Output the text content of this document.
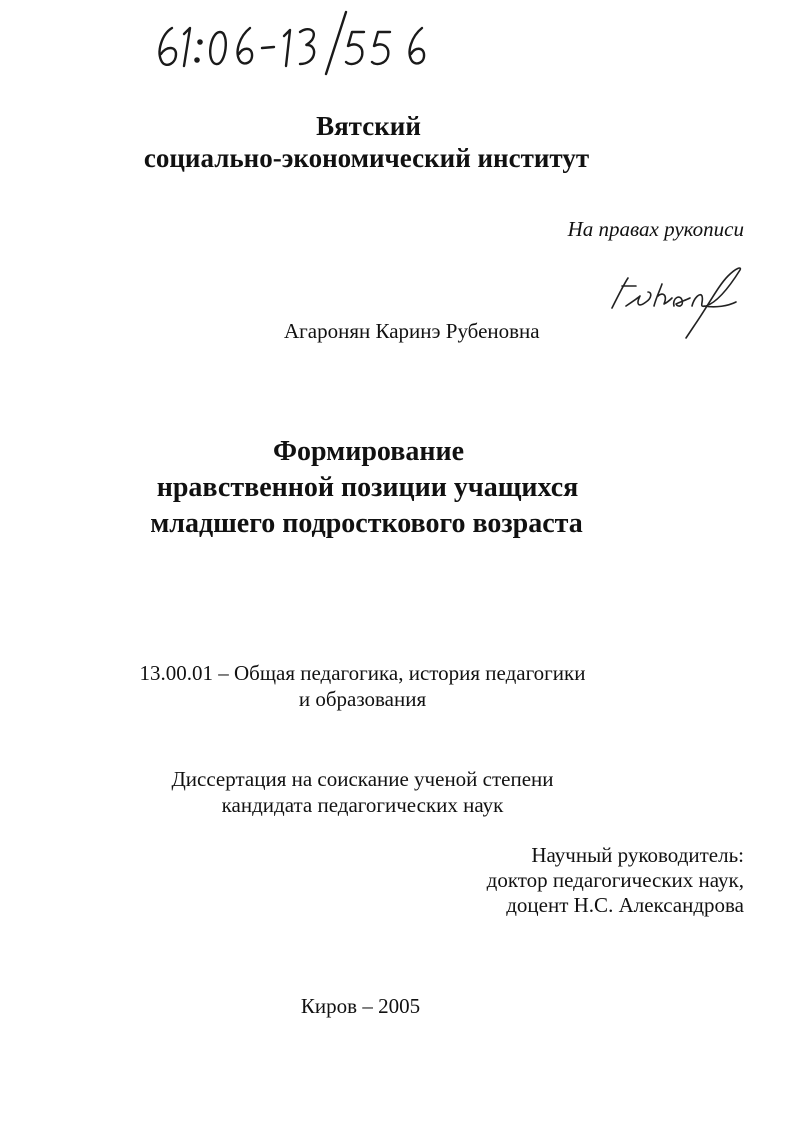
Вятский
социально-экономический институт
На правах рукописи
Агаронян Каринэ Рубеновна
Формирование
нравственной позиции учащихся
младшего подросткового возраста
13.00.01 – Общая педагогика, история педагогики
и образования
Диссертация на соискание ученой степени
кандидата педагогических наук
Научный руководитель:
доктор педагогических наук,
доцент Н.С. Александрова
Киров – 2005
